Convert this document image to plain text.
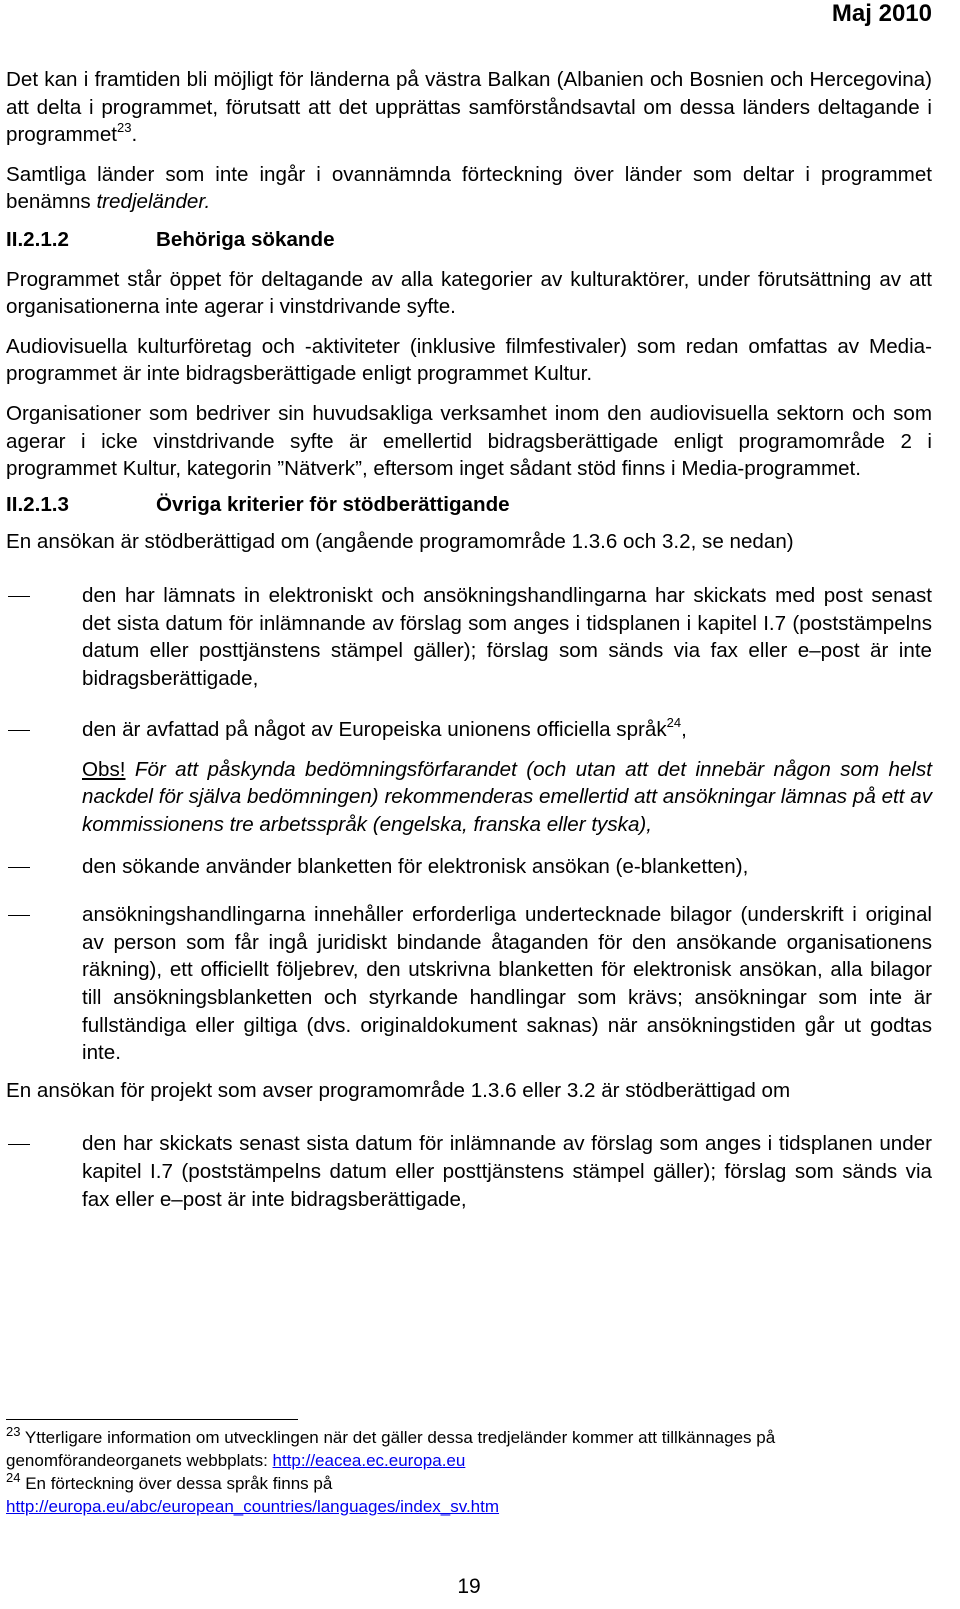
Maj 2010

Det kan i framtiden bli möjligt för länderna på västra Balkan (Albanien och Bosnien och Hercegovina) att delta i programmet, förutsatt att det upprättas samförståndsavtal om dessa länders deltagande i programmet$^{23}$.

Samtliga länder som inte ingår i ovannämnda förteckning över länder som deltar i programmet benämns tredjeländer.

II.2.1.2	Behöriga sökande

Programmet står öppet för deltagande av alla kategorier av kulturaktörer, under förutsättning av att organisationerna inte agerar i vinstdrivande syfte.

Audiovisuella kulturföretag och -aktiviteter (inklusive filmfestivaler) som redan omfattas av Media-programmet är inte bidragsberättigade enligt programmet Kultur.

Organisationer som bedriver sin huvudsakliga verksamhet inom den audiovisuella sektorn och som agerar i icke vinstdrivande syfte är emellertid bidragsberättigade enligt programområde 2 i programmet Kultur, kategorin ”Nätverk”, eftersom inget sådant stöd finns i Media-programmet.

II.2.1.3	Övriga kriterier för stödberättigande

En ansökan är stödberättigad om (angående programområde 1.3.6 och 3.2, se nedan)

den har lämnats in elektroniskt och ansökningshandlingarna har skickats med post senast det sista datum för inlämnande av förslag som anges i tidsplanen i kapitel I.7 (poststämpelns datum eller posttjänstens stämpel gäller); förslag som sänds via fax eller e–post är inte bidragsberättigade,
den är avfattad på något av Europeiska unionens officiella språk$^{24}$,

Obs! För att påskynda bedömningsförfarandet (och utan att det innebär någon som helst nackdel för själva bedömningen) rekommenderas emellertid att ansökningar lämnas på ett av kommissionens tre arbetsspråk (engelska, franska eller tyska),

den sökande använder blanketten för elektronisk ansökan (e-blanketten),
ansökningshandlingarna innehåller erforderliga undertecknade bilagor (underskrift i original av person som får ingå juridiskt bindande åtaganden för den ansökande organisationens räkning), ett officiellt följebrev, den utskrivna blanketten för elektronisk ansökan, alla bilagor till ansökningsblanketten och styrkande handlingar som krävs; ansökningar som inte är fullständiga eller giltiga (dvs. originaldokument saknas) när ansökningstiden går ut godtas inte.

En ansökan för projekt som avser programområde 1.3.6 eller 3.2 är stödberättigad om

den har skickats senast sista datum för inlämnande av förslag som anges i tidsplanen under kapitel I.7 (poststämpelns datum eller posttjänstens stämpel gäller); förslag som sänds via fax eller e–post är inte bidragsberättigade,
$^{23}$ Ytterligare information om utvecklingen när det gäller dessa tredjeländer kommer att tillkännages på genomförandeorganets webbplats: http://eacea.ec.europa.eu
$^{24}$ En förteckning över dessa språk finns på
http://europa.eu/abc/european_countries/languages/index_sv.htm
19
